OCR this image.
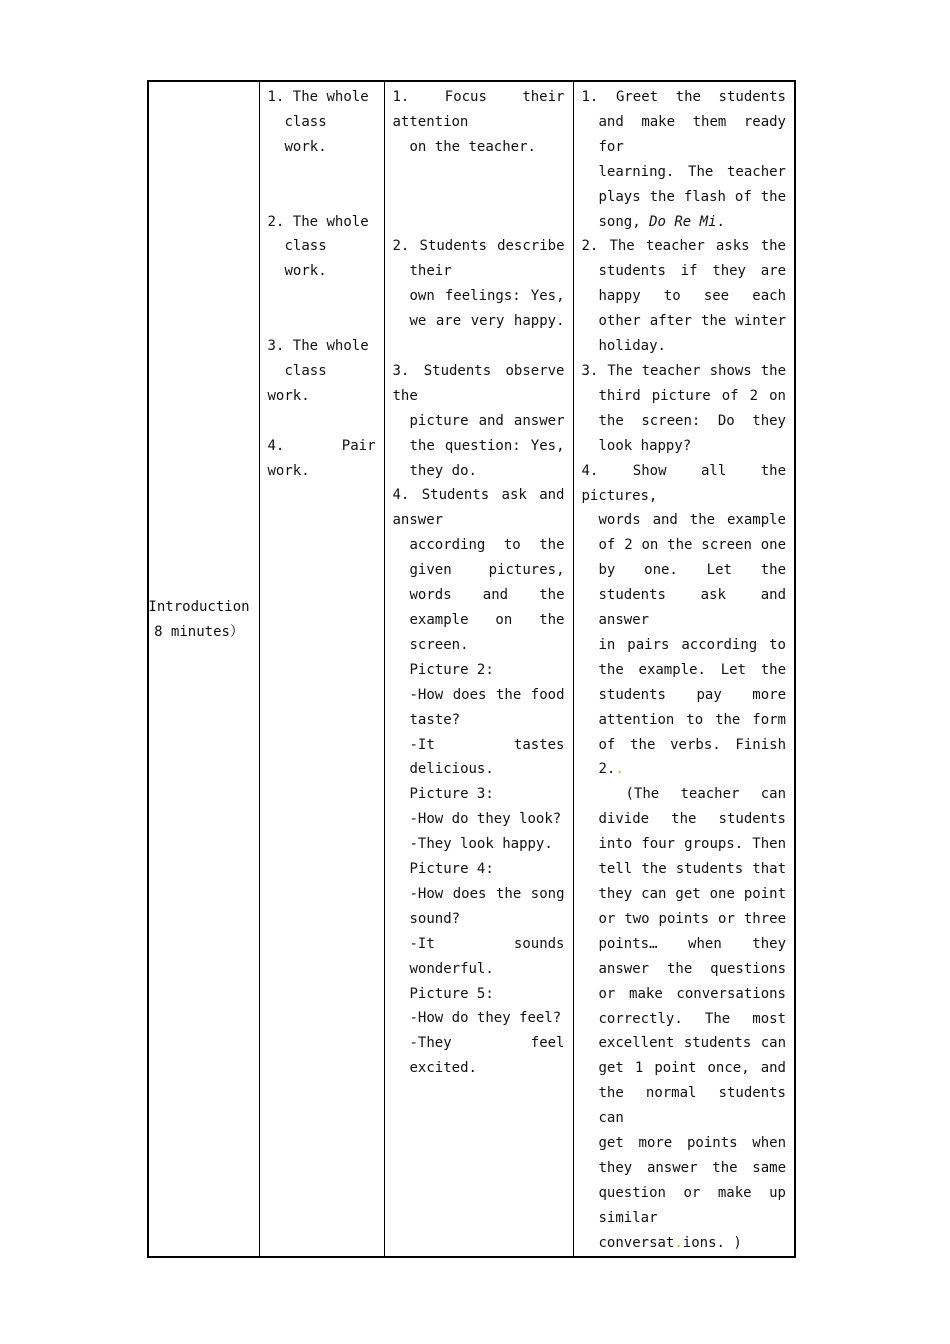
Introduction
8 minutes）

1. The whole
class
work.
2. The whole
class
work.
3. The whole
class
work.
4.	Pair
work.

1.	Focus	their
attention
on the teacher.
2. Students describe
their
own feelings: Yes,
we are very happy.
3. Students observe
the
picture and answer
the question: Yes,
they do.
4. Students ask and
answer
according to the
given pictures,
words and the
example on the
screen.
Picture 2:
-How does the food
taste?
-It tastes
delicious.
Picture 3:
-How do they look?
-They look happy.
Picture 4:
-How does the song
sound?
-It sounds
wonderful.
Picture 5:
-How do they feel?
-They feel
excited.

1. Greet the students
and make them ready for
learning. The teacher
plays the flash of the
song, Do Re Mi.
2. The teacher asks the
students if they are
happy to see each
other after the winter
holiday.
3. The teacher shows the
third picture of 2 on
the screen: Do they
look happy?
4. Show all the pictures,
words and the example
of 2 on the screen one
by one. Let the
students ask and answer
in pairs according to
the example. Let the
students pay more
attention to the form
of the verbs. Finish
2..
(The teacher can
divide the students
into four groups. Then
tell the students that
they can get one point
or two points or three
points… when they
answer the questions
or make conversations
correctly. The most
excellent students can
get 1 point once, and
the normal students can
get more points when
they answer the same
question or make up
similar
conversat.ions. )
